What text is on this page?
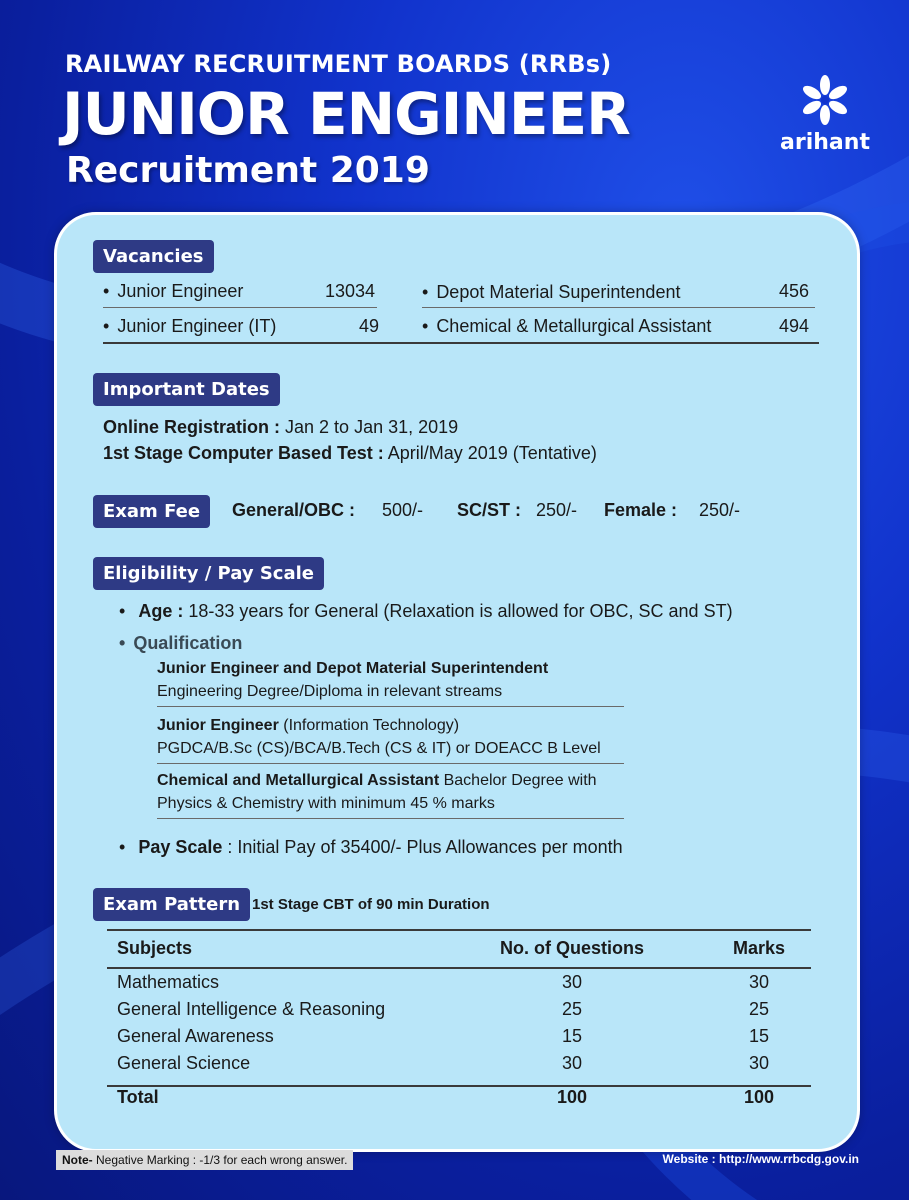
RAILWAY RECRUITMENT BOARDS (RRBs)
JUNIOR ENGINEER
Recruitment 2019
arihant
Vacancies
• Junior Engineer	13034	• Depot Material Superintendent	456
• Junior Engineer (IT)	49	• Chemical & Metallurgical Assistant	494
Important Dates
Online Registration : Jan 2 to Jan 31, 2019
1st Stage Computer Based Test : April/May 2019 (Tentative)
Exam Fee	General/OBC : 500/- SC/ST : 250/- Female : 250/-
Eligibility / Pay Scale
• Age : 18-33 years for General (Relaxation is allowed for OBC, SC and ST)
• Qualification
Junior Engineer and Depot Material Superintendent
Engineering Degree/Diploma in relevant streams
Junior Engineer (Information Technology)
PGDCA/B.Sc (CS)/BCA/B.Tech (CS & IT) or DOEACC B Level
Chemical and Metallurgical Assistant Bachelor Degree with
Physics & Chemistry with minimum 45 % marks
• Pay Scale : Initial Pay of 35400/- Plus Allowances per month
Exam Pattern 1st Stage CBT of 90 min Duration
Subjects	No. of Questions	Marks
Mathematics	30	30
General Intelligence & Reasoning	25	25
General Awareness	15	15
General Science	30	30
Total	100	100
Note- Negative Marking : -1/3 for each wrong answer.	Website : http://www.rrbcdg.gov.in
